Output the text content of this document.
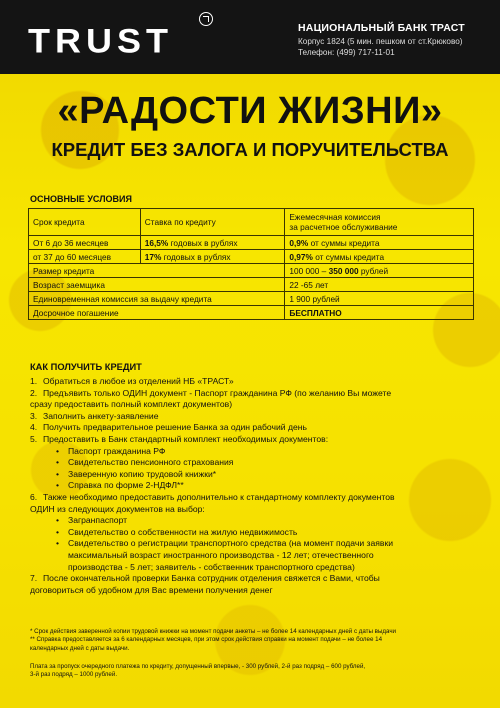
TRUST	НАЦИОНАЛЬНЫЙ БАНК ТРАСТ
Корпус 1824 (5 мин. пешком от ст.Крюково)
Телефон: (499) 717-11-01
«РАДОСТИ ЖИЗНИ»
КРЕДИТ БЕЗ ЗАЛОГА И ПОРУЧИТЕЛЬСТВА
ОСНОВНЫЕ УСЛОВИЯ
Срок кредита	Ставка по кредиту	Ежемесячная комиссия
за расчетное обслуживание

От 6 до 36 месяцев	16,5% годовых в рублях	0,9% от суммы кредита
от 37 до 60 месяцев	17% годовых в рублях	0,97% от суммы кредита
Размер кредита		100 000 – 350 000 рублей
Возраст заемщика		22 -65 лет
Единовременная комиссия за выдачу кредита		1 900 рублей
Досрочное погашение		БЕСПЛАТНО
КАК ПОЛУЧИТЬ КРЕДИТ
1. Обратиться в любое из отделений НБ «ТРАСТ»
2. Предъявить только ОДИН документ - Паспорт гражданина РФ (по желанию Вы можете
сразу предоставить полный комплект документов)
3. Заполнить анкету-заявление
4. Получить предварительное решение Банка за один рабочий день
5. Предоставить в Банк стандартный комплект необходимых документов:
•	Паспорт гражданина РФ
•	Свидетельство пенсионного страхования
•	Заверенную копию трудовой книжки*
•	Справка по форме 2-НДФЛ**
6. Также необходимо предоставить дополнительно к стандартному комплекту документов
ОДИН из следующих документов на выбор:
•	Загранпаспорт
•	Свидетельство о собственности на жилую недвижимость
•	Свидетельство о регистрации транспортного средства (на момент подачи заявки
максимальный возраст иностранного производства - 12 лет; отечественного
производства - 5 лет; заявитель - собственник транспортного средства)
7. После окончательной проверки Банка сотрудник отделения свяжется с Вами, чтобы
договориться об удобном для Вас времени получения денег
* Срок действия заверенной копии трудовой книжки на момент подачи анкеты – не более 14 календарных дней с даты выдачи
** Справка предоставляется за 6 календарных месяцев, при этом срок действия справки на момент подачи – не более 14
календарных дней с даты выдачи.
Плата за пропуск очередного платежа по кредиту, допущенный впервые, - 300 рублей, 2-й раз подряд – 600 рублей,
3-й раз подряд – 1000 рублей.
